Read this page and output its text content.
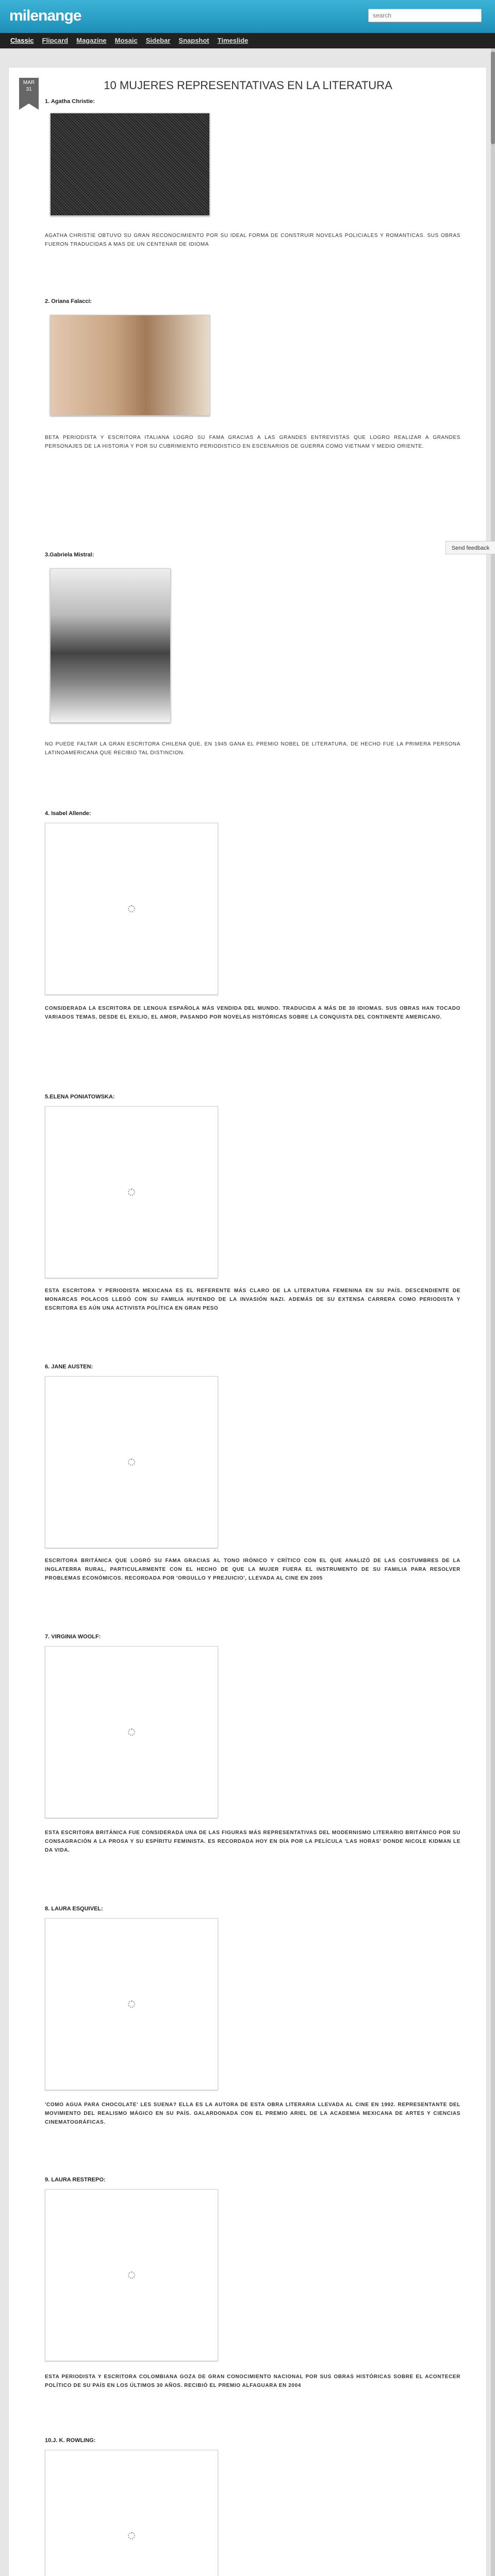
milenange
search
Classic Flipcard Magazine Mosaic Sidebar Snapshot Timeslide
MAR
31	10 MUJERES REPRESENTATIVAS EN LA LITERATURA
1. Agatha Christie:
AGATHA CHRISTIE OBTUVO SU GRAN RECONOCIMIENTO POR SU IDEAL FORMA DE CONSTRUIR NOVELAS POLICIALES Y ROMANTICAS. SUS OBRAS FUERON TRADUCIDAS A MAS DE UN CENTENAR DE IDIOMA
2. Oriana Falacci:
BETA PERIODISTA Y ESCRITORA ITALIANA LOGRO SU FAMA GRACIAS A LAS GRANDES ENTREVISTAS QUE LOGRO REALIZAR A GRANDES PERSONAJES DE LA HISTORIA Y POR SU CUBRIMIENTO PERIODISTICO EN ESCENARIOS DE GUERRA COMO VIETNAM Y MEDIO ORIENTE.
3.Gabriela Mistral:
NO PUEDE FALTAR LA GRAN ESCRITORA CHILENA QUE, EN 1945 GANA EL PREMIO NOBEL DE LITERATURA, DE HECHO FUE LA PRIMERA PERSONA LATINOAMERICANA QUE RECIBIO TAL DISTINCION.
4. Isabel Allende:
CONSIDERADA LA ESCRITORA DE LENGUA ESPAÑOLA MÁS VENDIDA DEL MUNDO. TRADUCIDA A MÁS DE 30 IDIOMAS. SUS OBRAS HAN TOCADO VARIADOS TEMAS, DESDE EL EXILIO, EL AMOR, PASANDO POR NOVELAS HISTÓRICAS SOBRE LA CONQUISTA DEL CONTINENTE AMERICANO.
5.ELENA PONIATOWSKA:
ESTA ESCRITORA Y PERIODISTA MEXICANA ES EL REFERENTE MÁS CLARO DE LA LITERATURA FEMENINA EN SU PAÍS. DESCENDIENTE DE MONARCAS POLACOS LLEGÓ CON SU FAMILIA HUYENDO DE LA INVASIÓN NAZI. ADEMÁS DE SU EXTENSA CARRERA COMO PERIODISTA Y ESCRITORA ES AÚN UNA ACTIVISTA POLÍTICA EN GRAN PESO
6. JANE AUSTEN:
ESCRITORA BRITÁNICA QUE LOGRÓ SU FAMA GRACIAS AL TONO IRÓNICO Y CRÍTICO CON EL QUE ANALIZÓ DE LAS COSTUMBRES DE LA INGLATERRA RURAL, PARTICULARMENTE CON EL HECHO DE QUE LA MUJER FUERA EL INSTRUMENTO DE SU FAMILIA PARA RESOLVER PROBLEMAS ECONÓMICOS. RECORDADA POR 'ORGULLO Y PREJUICIO', LLEVADA AL CINE EN 2005
7. VIRGINIA WOOLF:
ESTA ESCRITORA BRITÁNICA FUE CONSIDERADA UNA DE LAS FIGURAS MÁS REPRESENTATIVAS DEL MODERNISMO LITERARIO BRITÁNICO POR SU CONSAGRACIÓN A LA PROSA Y SU ESPÍRITU FEMINISTA. ES RECORDADA HOY EN DÍA POR LA PELÍCULA 'LAS HORAS' DONDE NICOLE KIDMAN LE DA VIDA.
8. LAURA ESQUIVEL:
'COMO AGUA PARA CHOCOLATE' LES SUENA? ELLA ES LA AUTORA DE ESTA OBRA LITERARIA LLEVADA AL CINE EN 1992. REPRESENTANTE DEL MOVIMIENTO DEL REALISMO MÁGICO EN SU PAÍS. GALARDONADA CON EL PREMIO ARIEL DE LA ACADEMIA MEXICANA DE ARTES Y CIENCIAS CINEMATOGRÁFICAS.
9. LAURA RESTREPO:
ESTA PERIODISTA Y ESCRITORA COLOMBIANA GOZA DE GRAN CONOCIMIENTO NACIONAL POR SUS OBRAS HISTÓRICAS SOBRE EL ACONTECER POLÍTICO DE SU PAÍS EN LOS ÚLTIMOS 30 AÑOS. RECIBIÓ EL PREMIO ALFAGUARA EN 2004
10.J. K. ROWLING:

Send feedback
